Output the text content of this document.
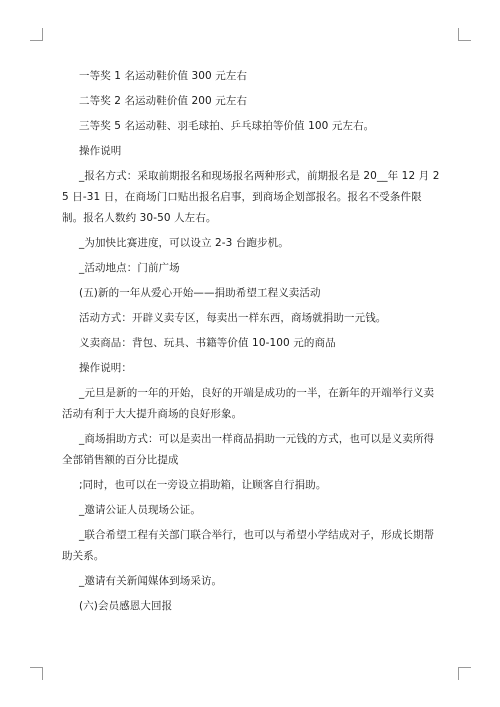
一等奖 1 名运动鞋价值 300 元左右

二等奖 2 名运动鞋价值 200 元左右

三等奖 5 名运动鞋、羽毛球拍、乒乓球拍等价值 100 元左右。

操作说明

_报名方式：采取前期报名和现场报名两种形式，前期报名是 20__年 12 月 25 日-31 日，在商场门口贴出报名启事，到商场企划部报名。报名不受条件限制。报名人数约 30-50 人左右。

_为加快比赛进度，可以设立 2-3 台跑步机。

_活动地点：门前广场

(五)新的一年从爱心开始——捐助希望工程义卖活动

活动方式：开辟义卖专区，每卖出一样东西，商场就捐助一元钱。

义卖商品：背包、玩具、书籍等价值 10-100 元的商品

操作说明：

_元旦是新的一年的开始，良好的开端是成功的一半，在新年的开端举行义卖活动有利于大大提升商场的良好形象。

_商场捐助方式：可以是卖出一样商品捐助一元钱的方式，也可以是义卖所得全部销售额的百分比提成

;同时，也可以在一旁设立捐助箱，让顾客自行捐助。

_邀请公证人员现场公证。

_联合希望工程有关部门联合举行，也可以与希望小学结成对子，形成长期帮助关系。

_邀请有关新闻媒体到场采访。

(六)会员感恩大回报
